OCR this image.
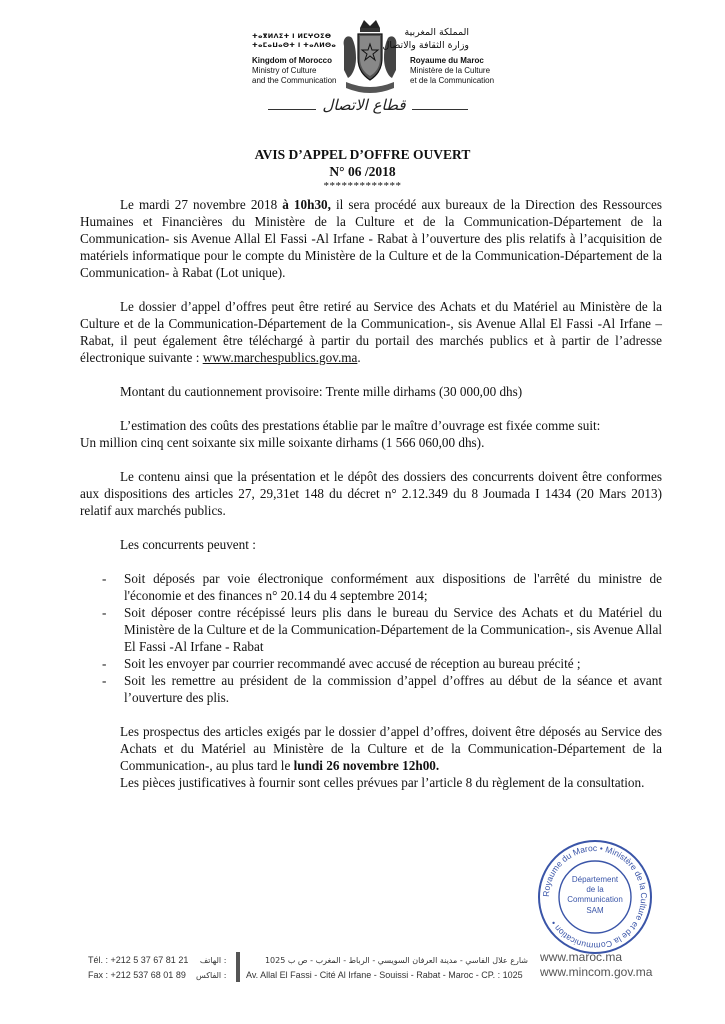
ⵜⴰⴳⵍⴷⵉⵜ ⵏ ⵍⵎⵖⵔⵉⴱ
ⵜⴰⵎⴰⵡⴰⵙⵜ ⵏ ⵜⴰⴷⵍⵙⴰ
Kingdom of Morocco
Ministry of Culture
and the Communication
المملكة المغربية
وزارة الثقافة والاتصال
Royaume du Maroc
Ministère de la Culture
et de la Communication
قطاع الاتصال
AVIS D’APPEL D’OFFRE OUVERT
N° 06 /2018
*************

Le mardi 27 novembre 2018 à 10h30, il sera procédé aux bureaux de la Direction des Ressources Humaines et Financières du Ministère de la Culture et de la Communication-Département de la Communication- sis Avenue Allal El Fassi -Al Irfane - Rabat à l’ouverture des plis relatifs à l’acquisition de matériels informatique pour le compte du Ministère de la Culture et de la Communication-Département de la Communication- à Rabat (Lot unique).

Le dossier d’appel d’offres peut être retiré au Service des Achats et du Matériel au Ministère de la Culture et de la Communication-Département de la Communication-, sis Avenue Allal El Fassi -Al Irfane – Rabat, il peut également être téléchargé à partir du portail des marchés publics et à partir de l’adresse électronique suivante : www.marchespublics.gov.ma.

Montant du cautionnement provisoire: Trente mille dirhams (30 000,00 dhs)

L’estimation des coûts des prestations établie par le maître d’ouvrage est fixée comme suit:

Un million cinq cent soixante six mille soixante dirhams (1 566 060,00 dhs).

Le contenu ainsi que la présentation et le dépôt des dossiers des concurrents doivent être conformes aux dispositions des articles 27, 29,31et 148 du décret n° 2.12.349 du 8 Joumada I 1434 (20 Mars 2013) relatif aux marchés publics.

Les concurrents peuvent :

- Soit déposés par voie électronique conformément aux dispositions de l'arrêté du ministre de l'économie et des finances n° 20.14 du 4 septembre 2014;
- Soit déposer contre récépissé leurs plis dans le bureau du Service des Achats et du Matériel du Ministère de la Culture et de la Communication-Département de la Communication-, sis Avenue Allal El Fassi -Al Irfane - Rabat
- Soit les envoyer par courrier recommandé avec accusé de réception au bureau précité ;
- Soit les remettre au président de la commission d’appel d’offres au début de la séance et avant l’ouverture des plis.

Les prospectus des articles exigés par le dossier d’appel d’offres, doivent être déposés au Service des Achats et du Matériel au Ministère de la Culture et de la Communication-Département de la Communication-, au plus tard le lundi 26 novembre 12h00.

Les pièces justificatives à fournir sont celles prévues par l’article 8 du règlement de la consultation.

Royaume du Maroc • Ministère de la Culture et de la Communication •
Département
de la
Communication
SAM
Tél. : +212 5 37 67 81 21
Fax : +212 537 68 01 89
: الهاتف
: الفاكس
شارع علال الفاسي - مدينة العرفان السويسي - الرباط - المغرب - ص ب 1025
Av. Allal El Fassi - Cité Al Irfane - Souissi - Rabat - Maroc - CP. : 1025
www.maroc.ma
www.mincom.gov.ma
